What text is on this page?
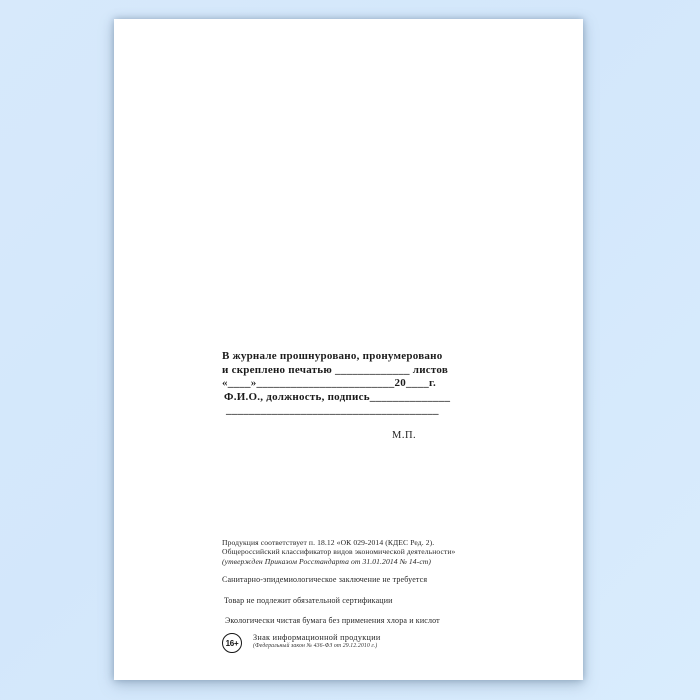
В журнале прошнуровано, пронумеровано
и скреплено печатью _____________ листов
«____»________________________20____г.
Ф.И.О., должность, подпись______________
_____________________________________
М.П.
Продукция соответствует п. 18.12 «ОК 029-2014 (КДЕС Ред. 2).
Общероссийский классификатор видов экономической деятельности»
(утвержден Приказом Росстандарта от 31.01.2014 № 14-ст)
Санитарно-эпидемиологическое заключение не требуется
Товар не подлежит обязательной сертификации
Экологически чистая бумага без применения хлора и кислот
16+
Знак информационной продукции
(Федеральный закон № 436-ФЗ от 29.12.2010 г.)
